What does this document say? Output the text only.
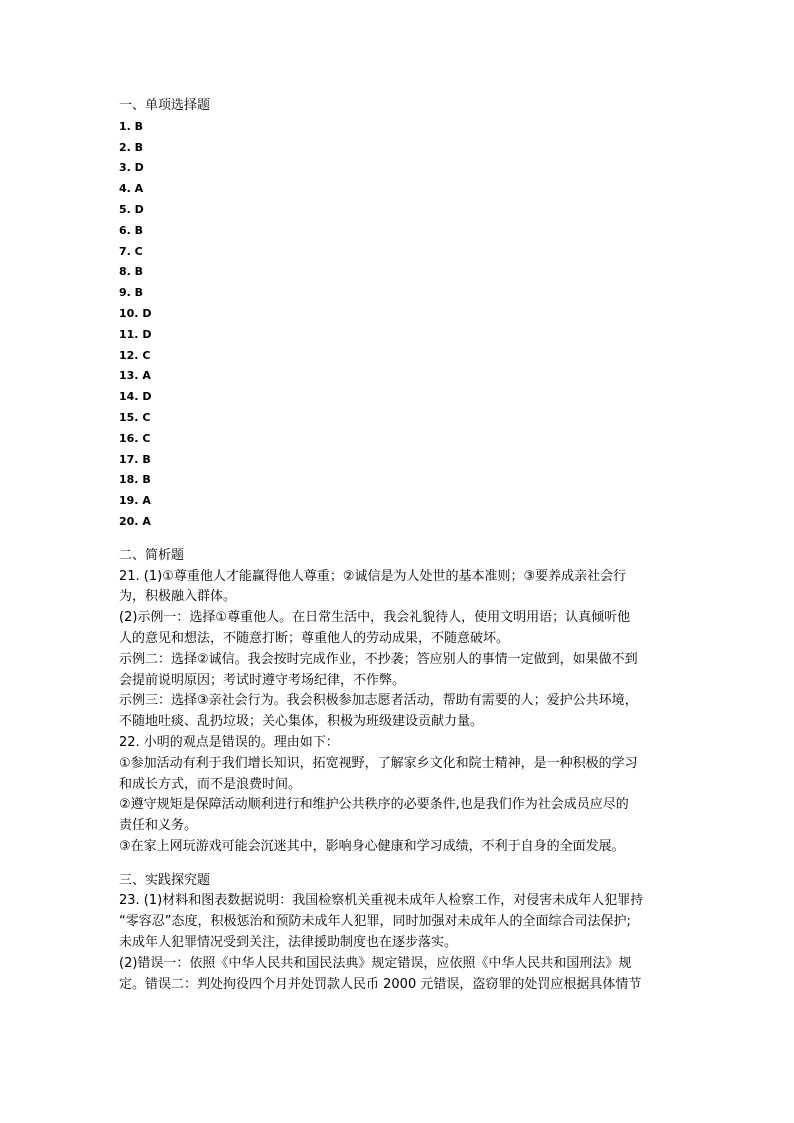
一、单项选择题
1. B
2. B
3. D
4. A
5. D
6. B
7. C
8. B
9. B
10. D
11. D
12. C
13. A
14. D
15. C
16. C
17. B
18. B
19. A
20. A
二、简析题
21. (1)①尊重他人才能赢得他人尊重；②诚信是为人处世的基本准则；③要养成亲社会行
为，积极融入群体。
(2)示例一：选择①尊重他人。在日常生活中，我会礼貌待人，使用文明用语；认真倾听他
人的意见和想法，不随意打断；尊重他人的劳动成果，不随意破坏。
示例二：选择②诚信。我会按时完成作业，不抄袭；答应别人的事情一定做到，如果做不到
会提前说明原因；考试时遵守考场纪律，不作弊。
示例三：选择③亲社会行为。我会积极参加志愿者活动，帮助有需要的人；爱护公共环境，
不随地吐痰、乱扔垃圾；关心集体，积极为班级建设贡献力量。
22. 小明的观点是错误的。理由如下：
①参加活动有利于我们增长知识，拓宽视野，了解家乡文化和院士精神，是一种积极的学习
和成长方式，而不是浪费时间。
②遵守规矩是保障活动顺利进行和维护公共秩序的必要条件,也是我们作为社会成员应尽的
责任和义务。
③在家上网玩游戏可能会沉迷其中，影响身心健康和学习成绩，不利于自身的全面发展。
三、实践探究题
23. (1)材料和图表数据说明：我国检察机关重视未成年人检察工作，对侵害未成年人犯罪持
“零容忍”态度，积极惩治和预防未成年人犯罪，同时加强对未成年人的全面综合司法保护;
未成年人犯罪情况受到关注，法律援助制度也在逐步落实。
(2)错误一：依照《中华人民共和国民法典》规定错误，应依照《中华人民共和国刑法》规
定。错误二：判处拘役四个月并处罚款人民币 2000 元错误，盗窃罪的处罚应根据具体情节
